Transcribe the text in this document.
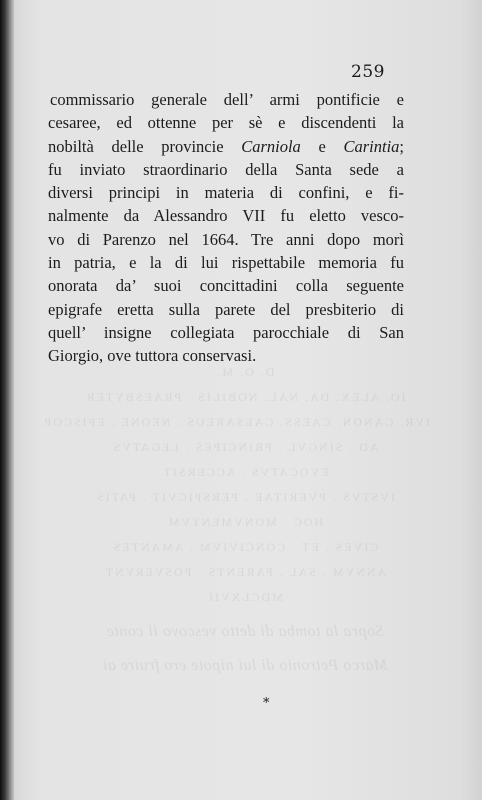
259
commissario generale dell’ armi pontificie e
cesaree, ed ottenne per sè e discendenti la
nobiltà delle provincie Carniola e Carintia;
fu inviato straordinario della Santa sede a
diversi principi in materia di confini, e fi-
nalmente da Alessandro VII fu eletto vesco-
vo di Parenzo nel 1664. Tre anni dopo morì
in patria, e la di lui rispettabile memoria fu
onorata da’ suoi concittadini colla seguente
epigrafe eretta sulla parete del presbiterio di
quell’ insigne collegiata parocchiale di San
Giorgio, ove tuttora conservasi.
D. O. M.
IO. ALEX. DA. NAL. NOBILIS . PRAESBYTER
IVR. CANON. CAESS. CAESAREUS . NEONE . EPISCOP.
AD . SINGVL . PRINCIPES . LEGATVS
EVOCATVS . ACCERSIT
IVSTVS . PVERITAE . PERSPICVIT . PATIS
HOC . MONVMENTVM
CIVES . ET . CONCIVIVM . AMANTES
ANNVM . SAL . PARENTS . POSVERVNT
MDCLXVII
Sopra la tomba di detto vescovo il conte
Marco Petronio di lui nipote ero fruire ai
*
